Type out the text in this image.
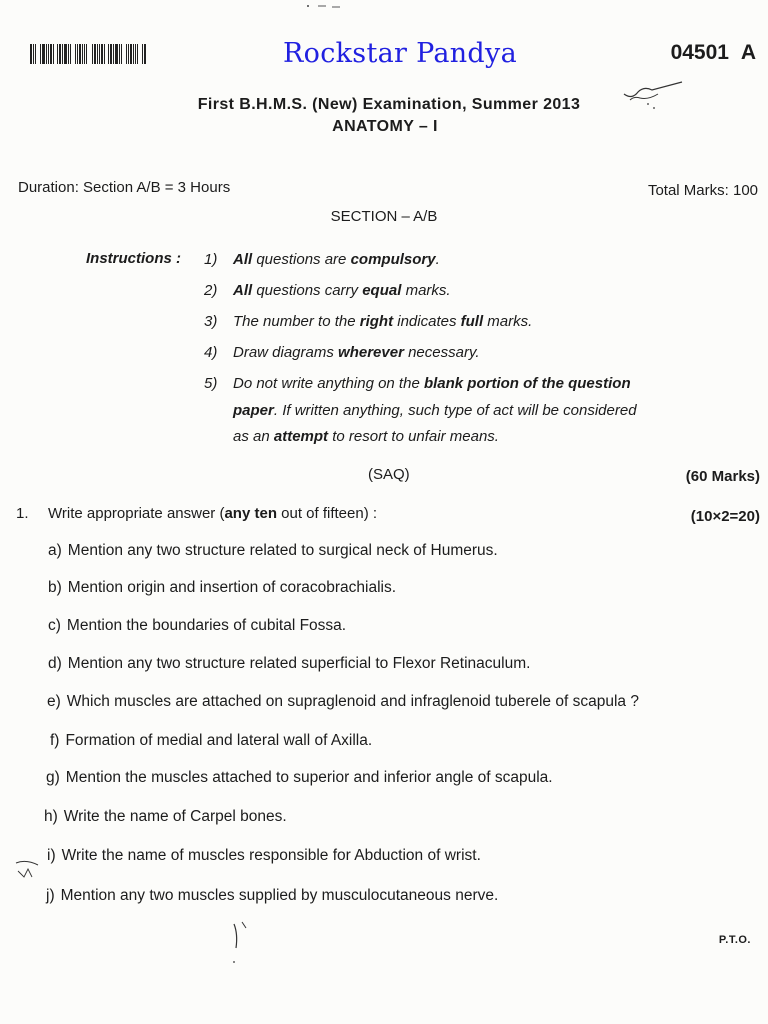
Rockstar Pandya	04501 A
First B.H.M.S. (New) Examination, Summer 2013
ANATOMY – I
Duration: Section A/B = 3 Hours	Total Marks: 100
SECTION – A/B
Instructions : 1) All questions are compulsory.
2) All questions carry equal marks.
3) The number to the right indicates full marks.
4) Draw diagrams wherever necessary.
5) Do not write anything on the blank portion of the question
paper. If written anything, such type of act will be considered
as an attempt to resort to unfair means.
(SAQ)	(60 Marks)
1. Write appropriate answer (any ten out of fifteen) :	(10×2=20)
a) Mention any two structure related to surgical neck of Humerus.
b) Mention origin and insertion of coracobrachialis.
c) Mention the boundaries of cubital Fossa.
d) Mention any two structure related superficial to Flexor Retinaculum.
e) Which muscles are attached on supraglenoid and infraglenoid tuberele of scapula ?
f) Formation of medial and lateral wall of Axilla.
g) Mention the muscles attached to superior and inferior angle of scapula.
h) Write the name of Carpel bones.
i) Write the name of muscles responsible for Abduction of wrist.
j) Mention any two muscles supplied by musculocutaneous nerve.
P.T.O.
